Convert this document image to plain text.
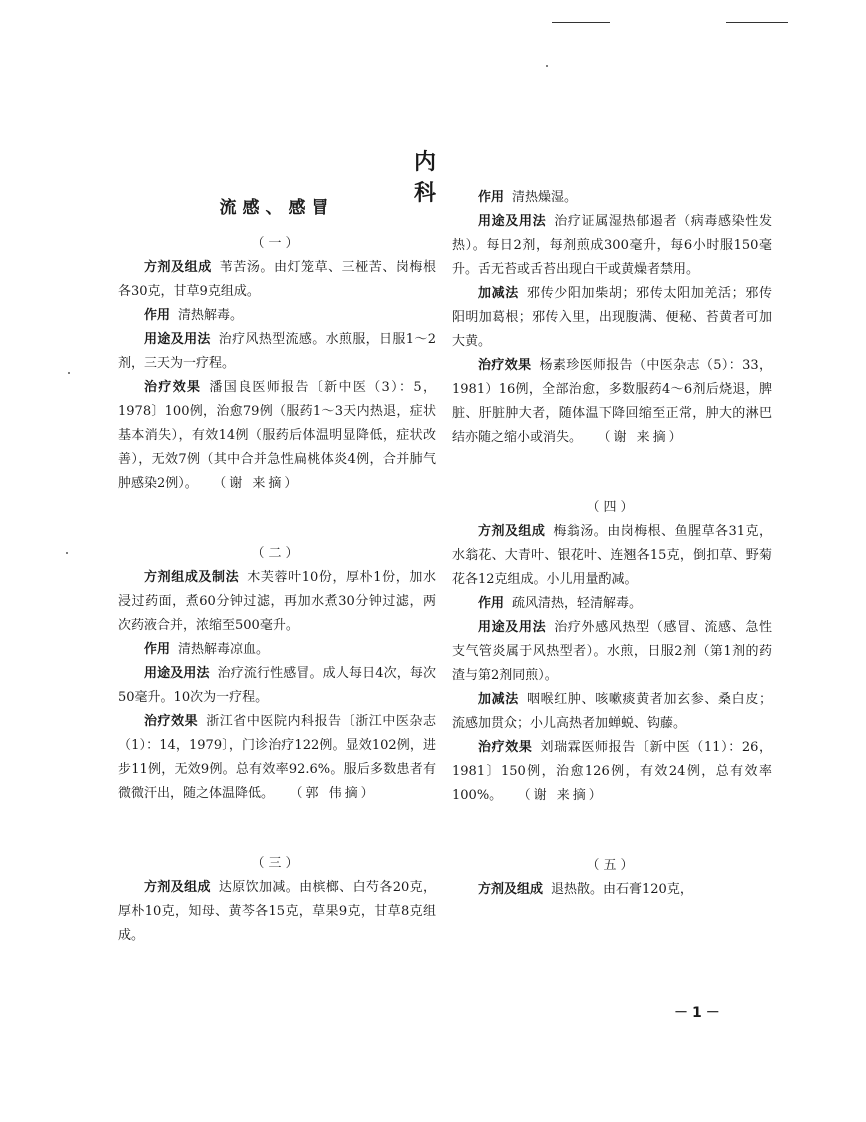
内 科
流感、感冒
（一）

方剂及组成 苇苦汤。由灯笼草、三桠苦、岗梅根各30克，甘草9克组成。

作用 清热解毒。

用途及用法 治疗风热型流感。水煎服，日服1～2剂，三天为一疗程。

治疗效果 潘国良医师报告〔新中医（3）：5，1978〕100例，治愈79例（服药1～3天内热退，症状基本消失），有效14例（服药后体温明显降低，症状改善），无效7例（其中合并急性扁桃体炎4例，合并肺气肿感染2例）。 （谢 来摘）

（二）

方剂组成及制法 木芙蓉叶10份，厚朴1份，加水浸过药面，煮60分钟过滤，再加水煮30分钟过滤，两次药液合并，浓缩至500毫升。

作用 清热解毒凉血。

用途及用法 治疗流行性感冒。成人每日4次，每次50毫升。10次为一疗程。

治疗效果 浙江省中医院内科报告〔浙江中医杂志（1）：14，1979〕，门诊治疗122例。显效102例，进步11例，无效9例。总有效率92.6%。服后多数患者有微微汗出，随之体温降低。 （郭 伟摘）

（三）

方剂及组成 达原饮加减。由槟榔、白芍各20克，厚朴10克，知母、黄芩各15克，草果9克，甘草8克组成。

作用 清热燥湿。

用途及用法 治疗证属湿热郁遏者（病毒感染性发热）。每日2剂，每剂煎成300毫升，每6小时服150毫升。舌无苔或舌苔出现白干或黄燥者禁用。

加减法 邪传少阳加柴胡；邪传太阳加羌活；邪传阳明加葛根；邪传入里，出现腹满、便秘、苔黄者可加大黄。

治疗效果 杨素珍医师报告（中医杂志（5）：33，1981）16例，全部治愈，多数服药4～6剂后烧退，脾脏、肝脏肿大者，随体温下降回缩至正常，肿大的淋巴结亦随之缩小或消失。 （谢 来摘）

（四）

方剂及组成 梅翁汤。由岗梅根、鱼腥草各31克，水翁花、大青叶、银花叶、连翘各15克，倒扣草、野菊花各12克组成。小儿用量酌减。

作用 疏风清热，轻清解毒。

用途及用法 治疗外感风热型（感冒、流感、急性支气管炎属于风热型者）。水煎，日服2剂（第1剂的药渣与第2剂同煎）。

加减法 咽喉红肿、咳嗽痰黄者加玄参、桑白皮；流感加贯众；小儿高热者加蝉蜕、钩藤。

治疗效果 刘瑞霖医师报告〔新中医（11）：26，1981〕150例，治愈126例，有效24例，总有效率100%。 （谢 来摘）

（五）

方剂及组成 退热散。由石膏120克，

－1－
